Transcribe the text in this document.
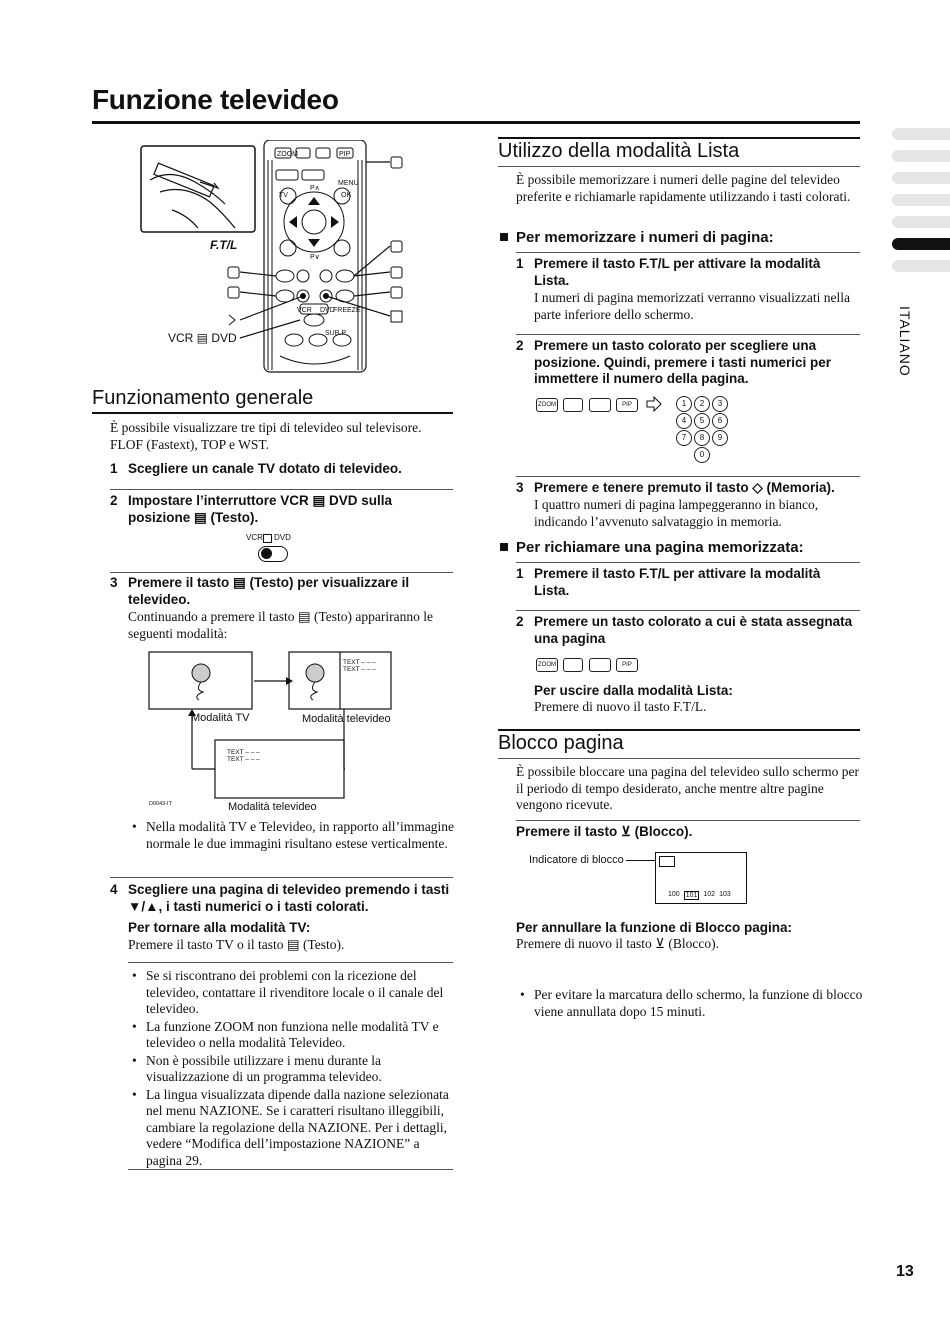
Funzione televideo
ITALIANO
ZOOM	PIP
MENU
OK
TV
P∧
P∨
VCR DVD
FREEZE
SUB.P
F.T/L
VCR ▤ DVD
Funzionamento generale
È possibile visualizzare tre tipi di televideo sul televisore. FLOF (Fastext), TOP e WST.
1 Scegliere un canale TV dotato di televideo.
2 Impostare l’interruttore VCR ▤ DVD sulla posizione ▤ (Testo).
VCR DVD
3 Premere il tasto ▤ (Testo) per visualizzare il televideo.
Continuando a premere il tasto ▤ (Testo) appariranno le seguenti modalità:
D0043-IT
TEXT – – –
TEXT – – –
TEXT – – –
TEXT – – –
Modalità TV	Modalità televideo
Modalità televideo
• Nella modalità TV e Televideo, in rapporto all’immagine normale le due immagini risultano estese verticalmente.
4 Scegliere una pagina di televideo premendo i tasti ▼/▲, i tasti numerici o i tasti colorati.
Per tornare alla modalità TV:
Premere il tasto TV o il tasto ▤ (Testo).
• Se si riscontrano dei problemi con la ricezione del televideo, contattare il rivenditore locale o il canale del televideo.
• La funzione ZOOM non funziona nelle modalità TV e televideo o nella modalità Televideo.
• Non è possibile utilizzare i menu durante la visualizzazione di un programma televideo.
• La lingua visualizzata dipende dalla nazione selezionata nel menu NAZIONE. Se i caratteri risultano illeggibili, cambiare la regolazione della NAZIONE. Per i dettagli, vedere “Modifica dell’impostazione NAZIONE” a pagina 29.
Utilizzo della modalità Lista
È possibile memorizzare i numeri delle pagine del televideo preferite e richiamarle rapidamente utilizzando i tasti colorati.
Per memorizzare i numeri di pagina:
1 Premere il tasto F.T/L per attivare la modalità Lista.
I numeri di pagina memorizzati verranno visualizzati nella parte inferiore dello schermo.
2 Premere un tasto colorato per scegliere una posizione. Quindi, premere i tasti numerici per immettere il numero della pagina.
ZOOM	PIP	1	2	3
4	5	6
7	8	9
0
3 Premere e tenere premuto il tasto ◇ (Memoria).
I quattro numeri di pagina lampeggeranno in bianco, indicando l’avvenuto salvataggio in memoria.
Per richiamare una pagina memorizzata:
1 Premere il tasto F.T/L per attivare la modalità Lista.
2 Premere un tasto colorato a cui è stata assegnata una pagina
ZOOM	PIP
Per uscire dalla modalità Lista:
Premere di nuovo il tasto F.T/L.
Blocco pagina
È possibile bloccare una pagina del televideo sullo schermo per il periodo di tempo desiderato, anche mentre altre pagine vengono ricevute.
Premere il tasto ⊻ (Blocco).
Indicatore di blocco
100 101 102 103
Per annullare la funzione di Blocco pagina:
Premere di nuovo il tasto ⊻ (Blocco).
• Per evitare la marcatura dello schermo, la funzione di blocco viene annullata dopo 15 minuti.
13
